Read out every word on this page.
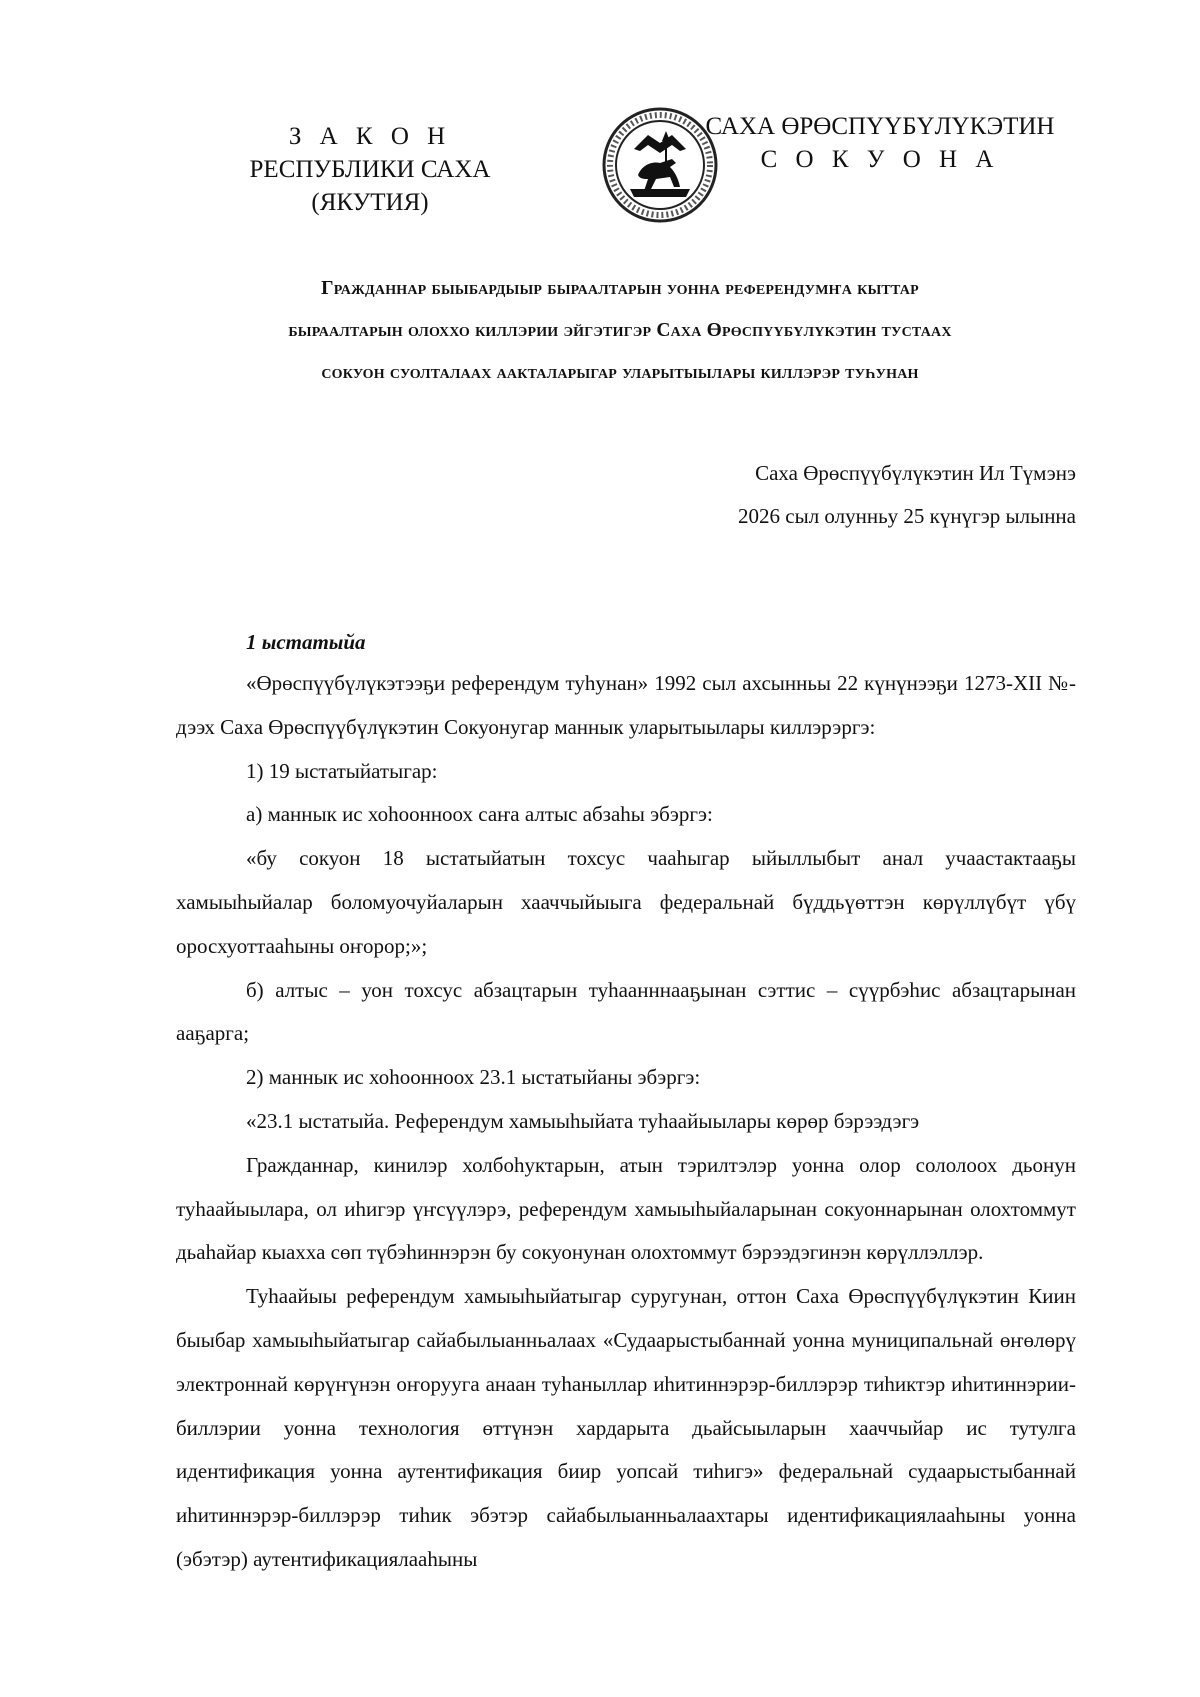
З А К О Н
РЕСПУБЛИКИ САХА (ЯКУТИЯ)
САХА ӨРӨСПҮҮБҮЛҮКЭТИН
С О К У О Н А
Гражданнар быыбардыыр быраалтарын уонна референдумҥа кыттар
быраалтарын олоххо киллэрии эйгэтигэр Саха Өрөспүүбүлүкэтин тустаах
сокуон суолталаах аакталарыгар уларытыылары киллэрэр туһунан
Саха Өрөспүүбүлүкэтин Ил Түмэнэ
2026 сыл олунньу 25 күнүгэр ылынна
1 ыстатыйа

«Өрөспүүбүлүкэтээҕи референдум туһунан» 1992 сыл ахсынньы 22 күнүнээҕи 1273-XII №-дээх Саха Өрөспүүбүлүкэтин Сокуонугар маннык уларытыылары киллэрэргэ:

1) 19 ыстатыйатыгар:

а) маннык ис хоһоонноох саҥа алтыс абзаһы эбэргэ:

«бу сокуон 18 ыстатыйатын тохсус чааһыгар ыйыллыбыт анал учаастактааҕы хамыыһыйалар боломуочуйаларын хааччыйыыга федеральнай бүддьүөттэн көрүллүбүт үбү оросхуоттааһыны оҥорор;»;

б) алтыс – уон тохсус абзацтарын туһаанннааҕынан сэттис – сүүрбэһис абзацтарынан ааҕарга;

2) маннык ис хоһоонноох 23.1 ыстатыйаны эбэргэ:

«23.1 ыстатыйа. Референдум хамыыһыйата туһаайыылары көрөр бэрээдэгэ

Гражданнар, кинилэр холбоһуктарын, атын тэрилтэлэр уонна олор сололоох дьонун туһаайыылара, ол иһигэр үҥсүүлэрэ, референдум хамыыһыйаларынан сокуоннарынан олохтоммут дьаһайар кыахха сөп түбэһиннэрэн бу сокуонунан олохтоммут бэрээдэгинэн көрүллэллэр.

Туһаайыы референдум хамыыһыйатыгар суругунан, оттон Саха Өрөспүүбүлүкэтин Киин быыбар хамыыһыйатыгар сайабылыанньалаах «Судаарыстыбаннай уонна муниципальнай өҥөлөрү электроннай көрүҥүнэн оҥорууга анаан туһаныллар иһитиннэрэр-биллэрэр тиһиктэр иһитиннэрии-биллэрии уонна технология өттүнэн хардарыта дьайсыыларын хааччыйар ис тутулга идентификация уонна аутентификация биир уопсай тиһигэ» федеральнай судаарыстыбаннай иһитиннэрэр-биллэрэр тиһик эбэтэр сайабылыанньалаахтары идентификациялааһыны уонна (эбэтэр) аутентификациялааһыны
